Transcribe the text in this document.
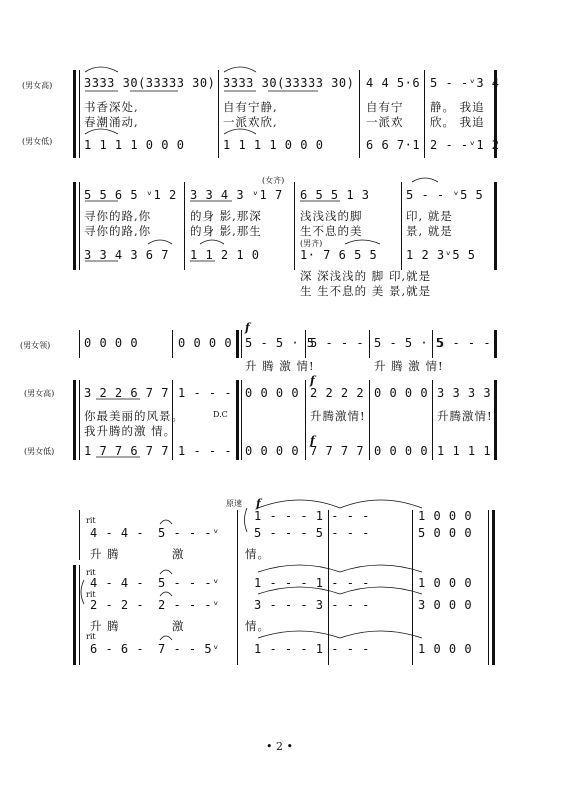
(男女高)
(男女低)
3333 30(33333 30) 3333 30(33333 30) 4 4 5·6 5 - -ᵛ3 4
书香深处,	自有宁静,	自有宁 静。 我追
春潮涌动,	一派欢欣,	一派欢 欣。 我追
1 1 1 1 0 0 0	1 1 1 1 0 0 0	6 6 7·1 2 - -ᵛ1 2
(女齐)
5 5 6 5 ᵛ1 2 3 3 4 3 ᵛ1 7 6 5 5 1 3	5 - - ᵛ5 5
寻你的路,你	的身 影,那深	浅浅浅的脚	印, 就是
寻你的路,你	的身 影,那生	生不息的美	景, 就是
(男齐)
3 3 4 3 6 7 1 1 2 1 0	1· 7 6 5 5 1 2 3ᵛ5 5
深 深浅浅的 脚 印,就是
生 生不息的 美 景,就是
(男女领)
(男女高)
(男女低)
f
0 0 0 0	0 0 0 0 5 - 5 · 5
5 - - - 5 - 5 · 5
5 - - -
升 腾 激 情!	升 腾 激 情!
f
3 2 2 6 7 7 1 - - - 0 0 0 0 2 2 2 2 0 0 0 0 3 3 3 3
你最美丽的风景。	D.C	升腾激情!	升腾激情!
我升腾的激 情。
f
1 7 7 6 7 7 1 - - - 0 0 0 0 7 7 7 7 0 0 0 0 1 1 1 1
原速
rit
rit
rit
rit
f
4 - 4 - 5 - - -ᵛ
1 - - - 1 - - -	1 0 0 0
5 - - - 5 - - -	5 0 0 0
升 腾	激	情。
4 - 4 - 5 - - -ᵛ	1 - - - 1 - - -	1 0 0 0
2 - 2 - 2 - - -ᵛ	3 - - - 3 - - -	3 0 0 0
升 腾	激	情。
6 - 6 - 7 - - 5ᵛ	1 - - - 1 - - -	1 0 0 0
• 2 •
